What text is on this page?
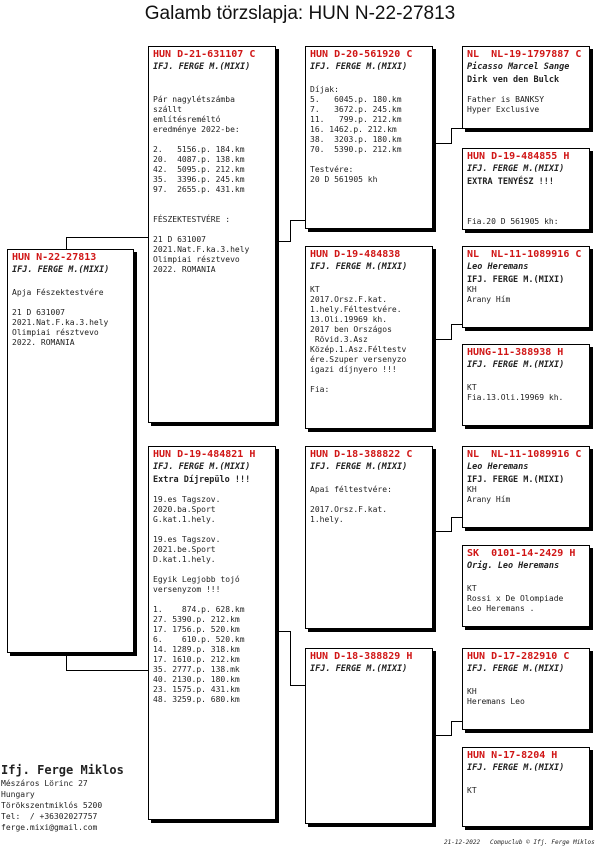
Galamb törzslapja: HUN N-22-27813
HUN N-22-27813
IFJ. FERGE M.(MIXI)
Apja Fészektestvére
21 D 631007
2021.Nat.F.ka.3.hely
Olimpiai résztvevo
2022. ROMANIA
HUN D-21-631107 C
IFJ. FERGE M.(MIXI)
Pár nagylétszámba
szállt
említésreméltó
eredménye 2022-be:
2.   5156.p. 184.km
20.  4087.p. 138.km
42.  5095.p. 212.km
35.  3396.p. 245.km
97.  2655.p. 431.km
FÉSZEKTESTVÉRE :
21 D 631007
2021.Nat.F.ka.3.hely
Olimpiai résztvevo
2022. ROMANIA
HUN D-19-484821 H
IFJ. FERGE M.(MIXI)
Extra Díjrepülo !!!
19.es Tagszov.
2020.ba.Sport
G.kat.1.hely.
19.es Tagszov.
2021.be.Sport
D.kat.1.hely.
Egyik Legjobb tojó
versenyzom !!!
1.    874.p. 628.km
27. 5390.p. 212.km
17. 1756.p. 520.km
6.    610.p. 520.km
14. 1289.p. 318.km
17. 1610.p. 212.km
35. 2777.p. 138.mk
40. 2130.p. 180.km
23. 1575.p. 431.km
48. 3259.p. 680.km
HUN D-20-561920 C
IFJ. FERGE M.(MIXI)
Díjak:
5.   6045.p. 180.km
7.   3672.p. 245.km
11.   799.p. 212.km
16. 1462.p. 212.km
38.  3203.p. 180.km
70.  5390.p. 212.km
Testvére:
20 D 561905 kh
HUN D-19-484838
IFJ. FERGE M.(MIXI)
KT
2017.Orsz.F.kat.
1.hely.Féltestvére.
13.Oli.19969 kh.
2017 ben Országos
Rövid.3.Asz
Közép.1.Asz.Féltestv
ére.Szuper versenyzo
igazi díjnyero !!!
Fia:
HUN D-18-388822 C
IFJ. FERGE M.(MIXI)
Apai féltestvére:
2017.Orsz.F.kat.
1.hely.
HUN D-18-388829 H
IFJ. FERGE M.(MIXI)
NL  NL-19-1797887 C
Picasso Marcel Sange
Dirk ven den Bulck
Father is BANKSY
Hyper Exclusive
HUN D-19-484855 H
IFJ. FERGE M.(MIXI)
EXTRA TENYÉSZ !!!
Fia.20 D 561905 kh:
NL  NL-11-1089916 C
Leo Heremans
IFJ. FERGE M.(MIXI)
KH
Arany Hím
HUNG-11-388938 H
IFJ. FERGE M.(MIXI)
KT
Fia.13.Oli.19969 kh.
NL  NL-11-1089916 C
Leo Heremans
IFJ. FERGE M.(MIXI)
KH
Arany Hím
SK  0101-14-2429 H
Orig. Leo Heremans
KT
Rossi x De Olompiade
Leo Heremans .
HUN D-17-282910 C
IFJ. FERGE M.(MIXI)
KH
Heremans Leo
HUN N-17-8204 H
IFJ. FERGE M.(MIXI)
KT
Ifj. Ferge Miklos
Mészáros Lörinc 27
Hungary
Törökszentmiklós 5200
Tel:  / +36302027757
ferge.mixi@gmail.com
21-12-2022 Compuclub © Ifj. Ferge Miklos
